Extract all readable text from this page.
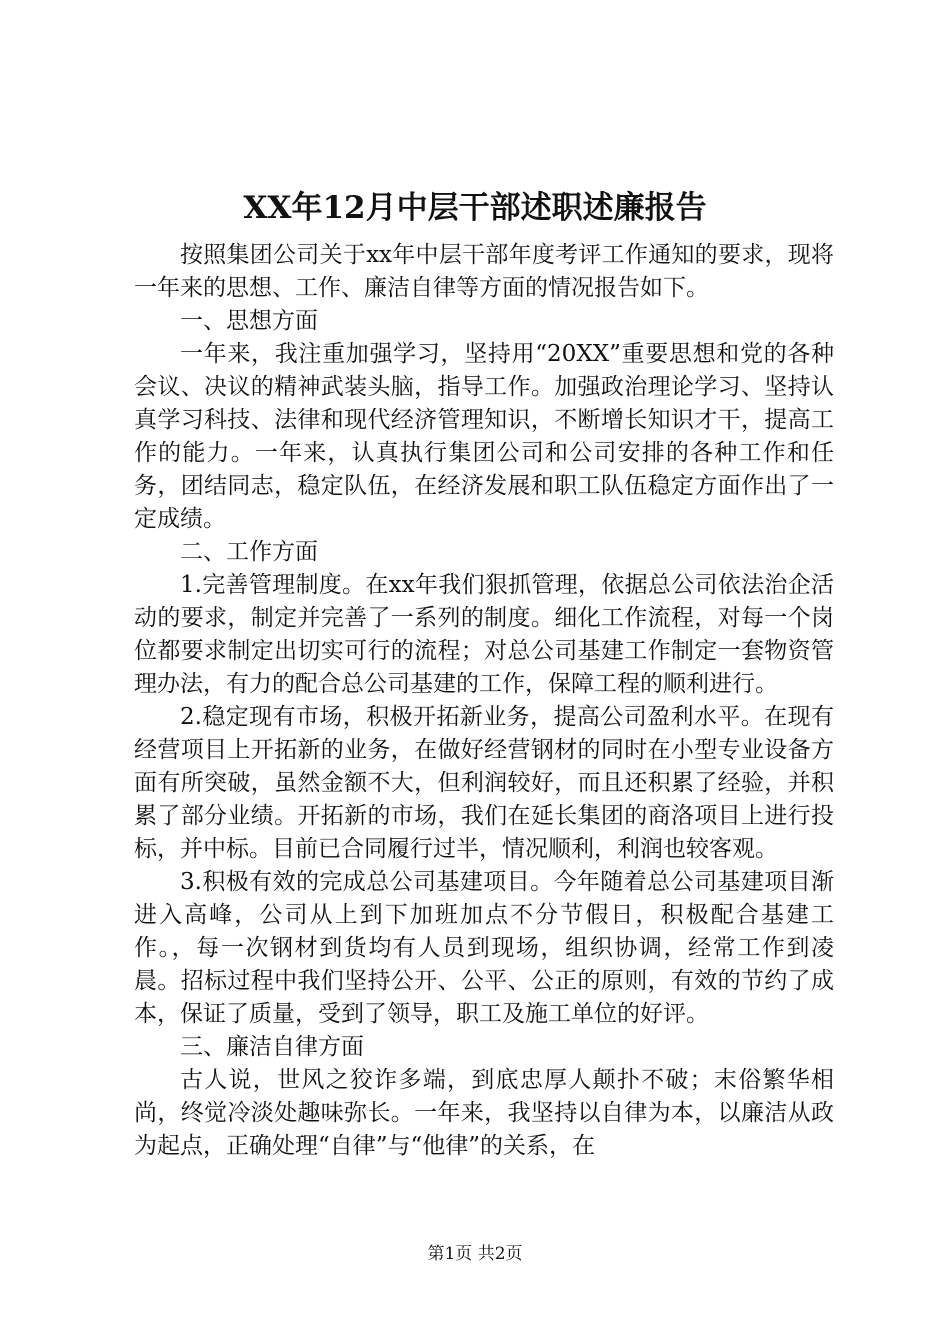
XX年12月中层干部述职述廉报告

按照集团公司关于xx年中层干部年度考评工作通知的要求，现将一年来的思想、工作、廉洁自律等方面的情况报告如下。

一、思想方面

一年来，我注重加强学习，坚持用“20XX”重要思想和党的各种会议、决议的精神武装头脑，指导工作。加强政治理论学习、坚持认真学习科技、法律和现代经济管理知识，不断增长知识才干，提高工作的能力。一年来，认真执行集团公司和公司安排的各种工作和任务，团结同志，稳定队伍，在经济发展和职工队伍稳定方面作出了一定成绩。

二、工作方面

1.完善管理制度。在xx年我们狠抓管理，依据总公司依法治企活动的要求，制定并完善了一系列的制度。细化工作流程，对每一个岗位都要求制定出切实可行的流程；对总公司基建工作制定一套物资管理办法，有力的配合总公司基建的工作，保障工程的顺利进行。

2.稳定现有市场，积极开拓新业务，提高公司盈利水平。在现有经营项目上开拓新的业务，在做好经营钢材的同时在小型专业设备方面有所突破，虽然金额不大，但利润较好，而且还积累了经验，并积累了部分业绩。开拓新的市场，我们在延长集团的商洛项目上进行投标，并中标。目前已合同履行过半，情况顺利，利润也较客观。

3.积极有效的完成总公司基建项目。今年随着总公司基建项目渐进入高峰，公司从上到下加班加点不分节假日，积极配合基建工作。，每一次钢材到货均有人员到现场，组织协调，经常工作到凌晨。招标过程中我们坚持公开、公平、公正的原则，有效的节约了成本，保证了质量，受到了领导，职工及施工单位的好评。

三、廉洁自律方面

古人说，世风之狡诈多端，到底忠厚人颠扑不破；末俗繁华相尚，终觉冷淡处趣味弥长。一年来，我坚持以自律为本，以廉洁从政为起点，正确处理“自律”与“他律”的关系，在

第1页 共2页
